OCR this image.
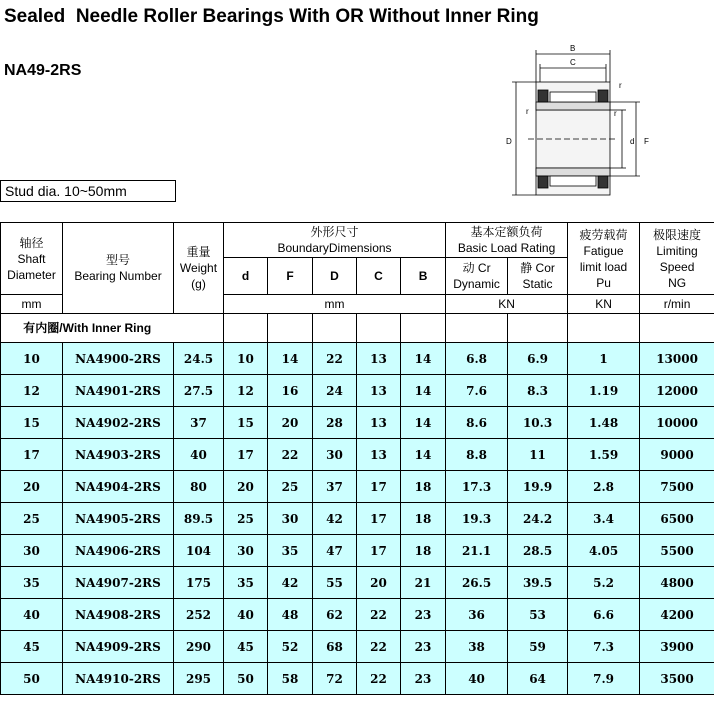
Sealed  Needle Roller Bearings With OR Without Inner Ring
NA49-2RS
B
C
r
r	r
D	d F
Stud dia. 10~50mm
轴径
Shaft
Diameter	型号
Bearing Number	重量
Weight
(g)	外形尺寸
BoundaryDimensions					基本定额负荷
Basic Load Rating		疲劳载荷
Fatigue
limit load
Pu	极限速度
Limiting
Speed
NG

			d	F	D	C	B	动 Cr
Dynamic	静 Cor
Static		

mm			mm					KN		KN	r/min
有内圈/With Inner Ring											
10	NA4900-2RS	24.5	10	14	22	13	14	6.8	6.9	1	13000
12	NA4901-2RS	27.5	12	16	24	13	14	7.6	8.3	1.19	12000
15	NA4902-2RS	37	15	20	28	13	14	8.6	10.3	1.48	10000
17	NA4903-2RS	40	17	22	30	13	14	8.8	11	1.59	9000
20	NA4904-2RS	80	20	25	37	17	18	17.3	19.9	2.8	7500
25	NA4905-2RS	89.5	25	30	42	17	18	19.3	24.2	3.4	6500
30	NA4906-2RS	104	30	35	47	17	18	21.1	28.5	4.05	5500
35	NA4907-2RS	175	35	42	55	20	21	26.5	39.5	5.2	4800
40	NA4908-2RS	252	40	48	62	22	23	36	53	6.6	4200
45	NA4909-2RS	290	45	52	68	22	23	38	59	7.3	3900
50	NA4910-2RS	295	50	58	72	22	23	40	64	7.9	3500
